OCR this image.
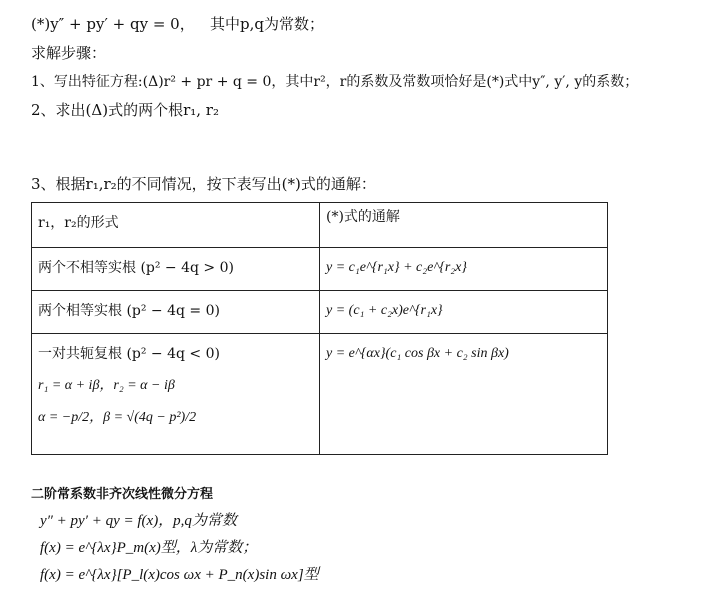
(*)y″ + py′ + qy = 0， 其中p,q为常数；
求解步骤：
1、写出特征方程:(Δ)r² + pr + q = 0，其中r²，r的系数及常数项恰好是(*)式中y″, y′, y的系数；
2、求出(Δ)式的两个根r₁, r₂
3、根据r₁,r₂的不同情况，按下表写出(*)式的通解：
r₁，r₂的形式	(*)式的通解

两个不相等实根 (p² − 4q > 0)	y = c₁e^{r₁x} + c₂e^{r₂x}

两个相等实根 (p² − 4q = 0)	y = (c₁ + c₂x)e^{r₁x}

一对共轭复根 (p² − 4q < 0)
r₁ = α + iβ，r₂ = α − iβ
α = −p/2，β = √(4q − p²)/2	y = e^{αx}(c₁ cos βx + c₂ sin βx)
二阶常系数非齐次线性微分方程
y″ + py′ + qy = f(x)，p,q为常数
f(x) = e^{λx}P_m(x)型，λ为常数；
f(x) = e^{λx}[P_l(x)cos ωx + P_n(x)sin ωx]型
